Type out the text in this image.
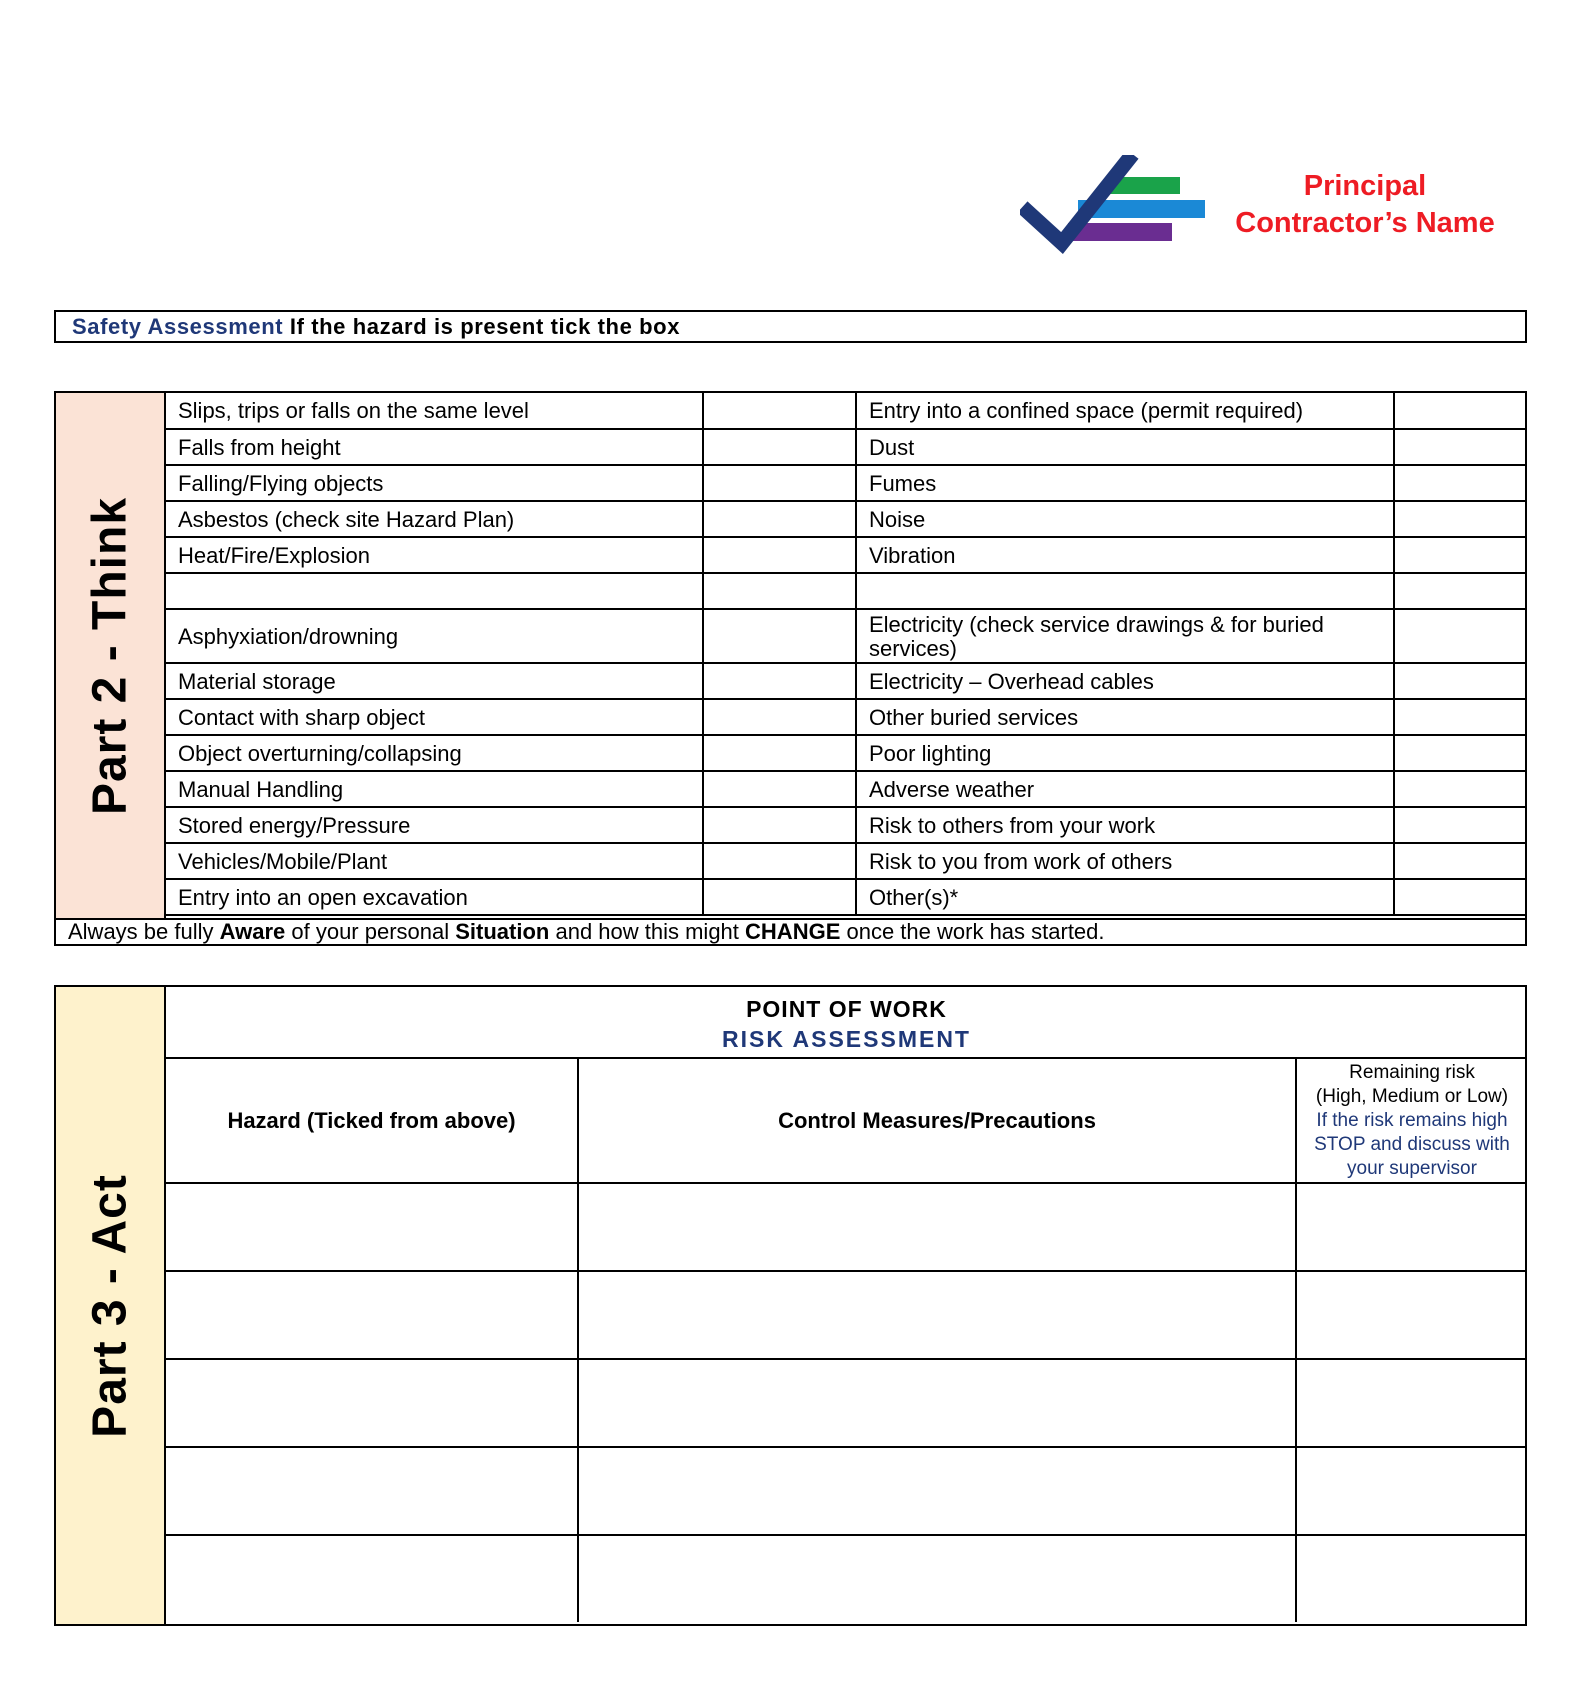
Principal
Contractor’s Name
Safety Assessment If the hazard is present tick the box
Part 2 - Think
Slips, trips or falls on the same level		Entry into a confined space (permit required)	
Falls from height		Dust	
Falling/Flying objects		Fumes	
Asbestos (check site Hazard Plan)		Noise	
Heat/Fire/Explosion		Vibration	

Asphyxiation/drowning		Electricity (check service drawings & for buried services)	
Material storage		Electricity – Overhead cables	
Contact with sharp object		Other buried services	
Object overturning/collapsing		Poor lighting	
Manual Handling		Adverse weather	
Stored energy/Pressure		Risk to others from your work	
Vehicles/Mobile/Plant		Risk to you from work of others	
Entry into an open excavation		Other(s)*	
Always be fully Aware of your personal Situation and how this might CHANGE once the work has started.
Part 3 - Act
POINT OF WORK
RISK ASSESSMENT
Hazard (Ticked from above)	Control Measures/Precautions	Remaining risk
(High, Medium or Low)
If the risk remains high STOP and discuss with your supervisor
